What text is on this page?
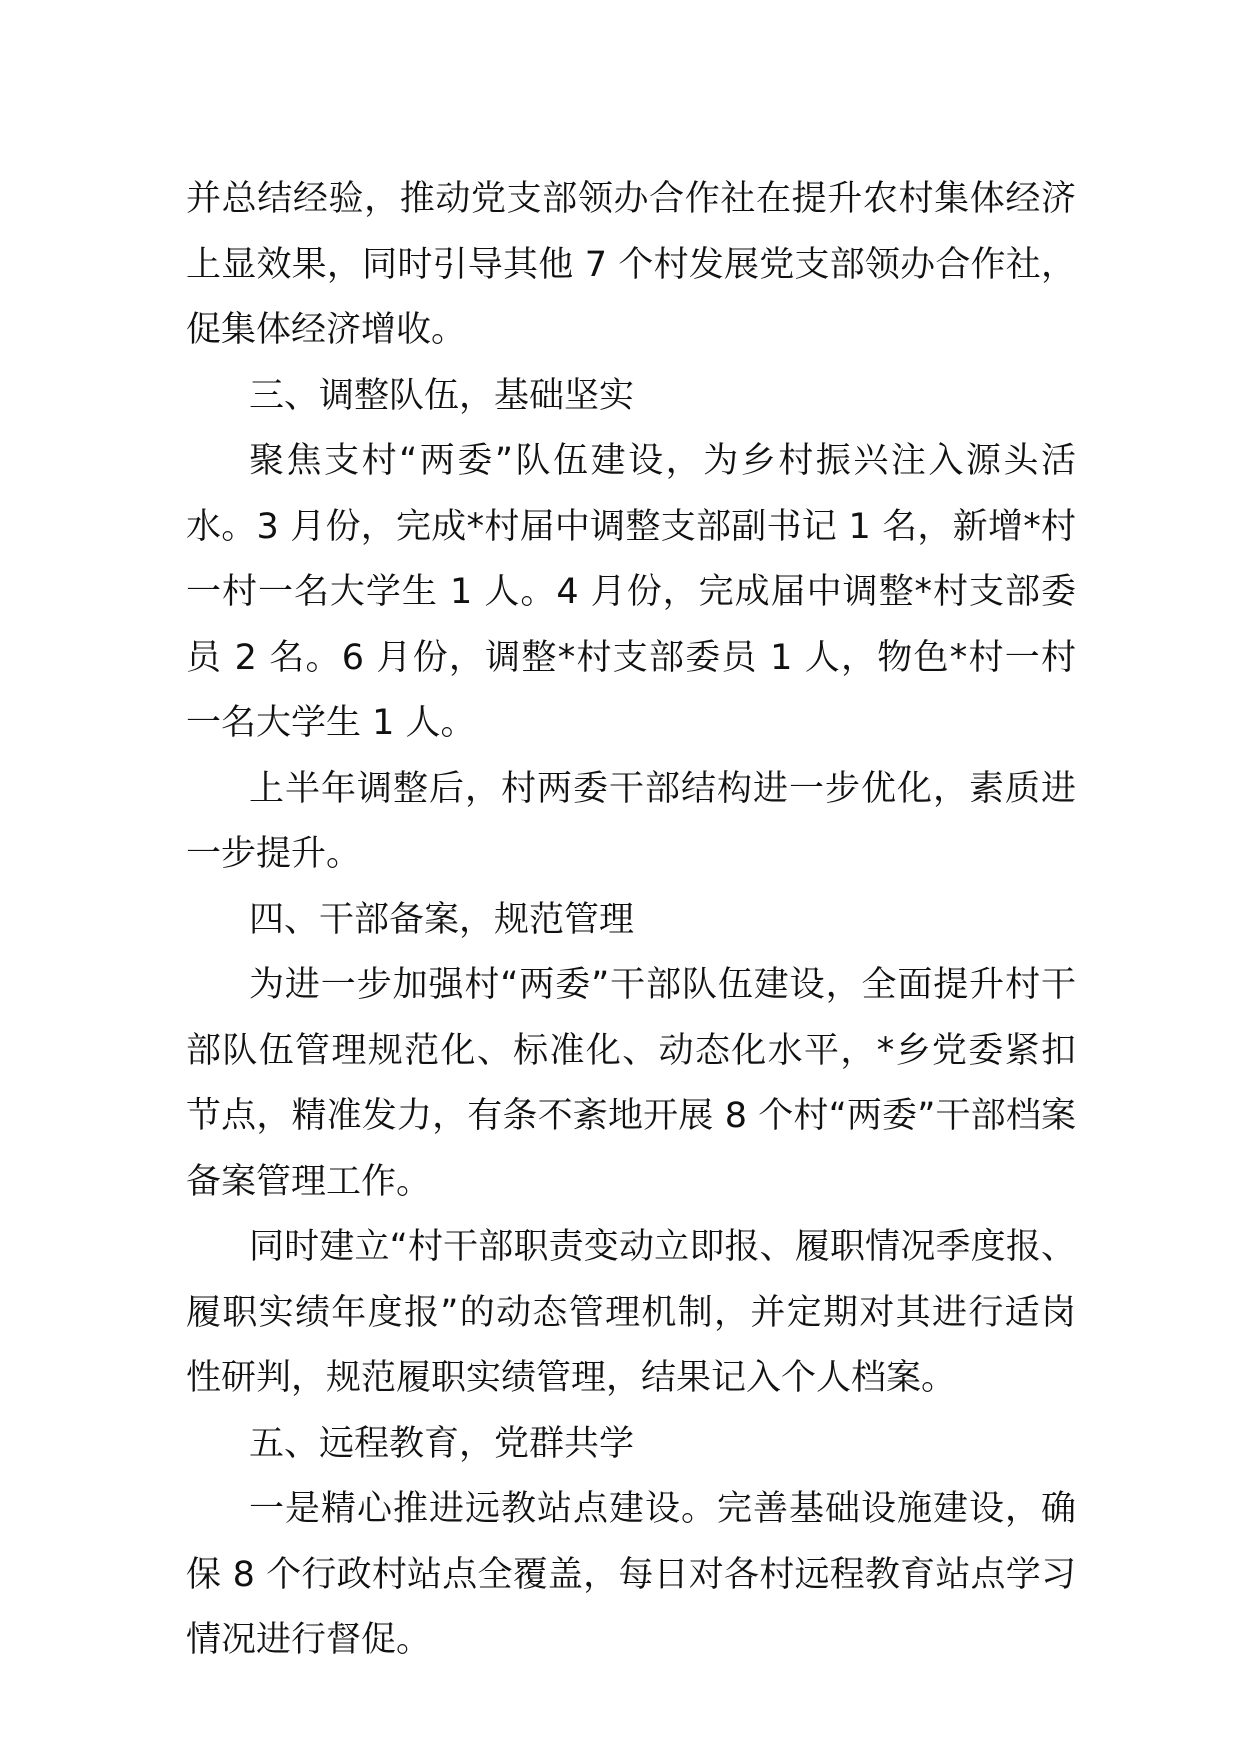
并总结经验，推动党支部领办合作社在提升农村集体经济上显效果，同时引导其他 7 个村发展党支部领办合作社，促集体经济增收。

三、调整队伍，基础坚实

聚焦支村“两委”队伍建设，为乡村振兴注入源头活水。3 月份，完成*村届中调整支部副书记 1 名，新增*村一村一名大学生 1 人。4 月份，完成届中调整*村支部委员 2 名。6 月份，调整*村支部委员 1 人，物色*村一村一名大学生 1 人。

上半年调整后，村两委干部结构进一步优化，素质进一步提升。

四、干部备案，规范管理

为进一步加强村“两委”干部队伍建设，全面提升村干部队伍管理规范化、标准化、动态化水平，*乡党委紧扣节点，精准发力，有条不紊地开展 8 个村“两委”干部档案备案管理工作。

同时建立“村干部职责变动立即报、履职情况季度报、履职实绩年度报”的动态管理机制，并定期对其进行适岗性研判，规范履职实绩管理，结果记入个人档案。

五、远程教育，党群共学

一是精心推进远教站点建设。完善基础设施建设，确保 8 个行政村站点全覆盖，每日对各村远程教育站点学习情况进行督促。
